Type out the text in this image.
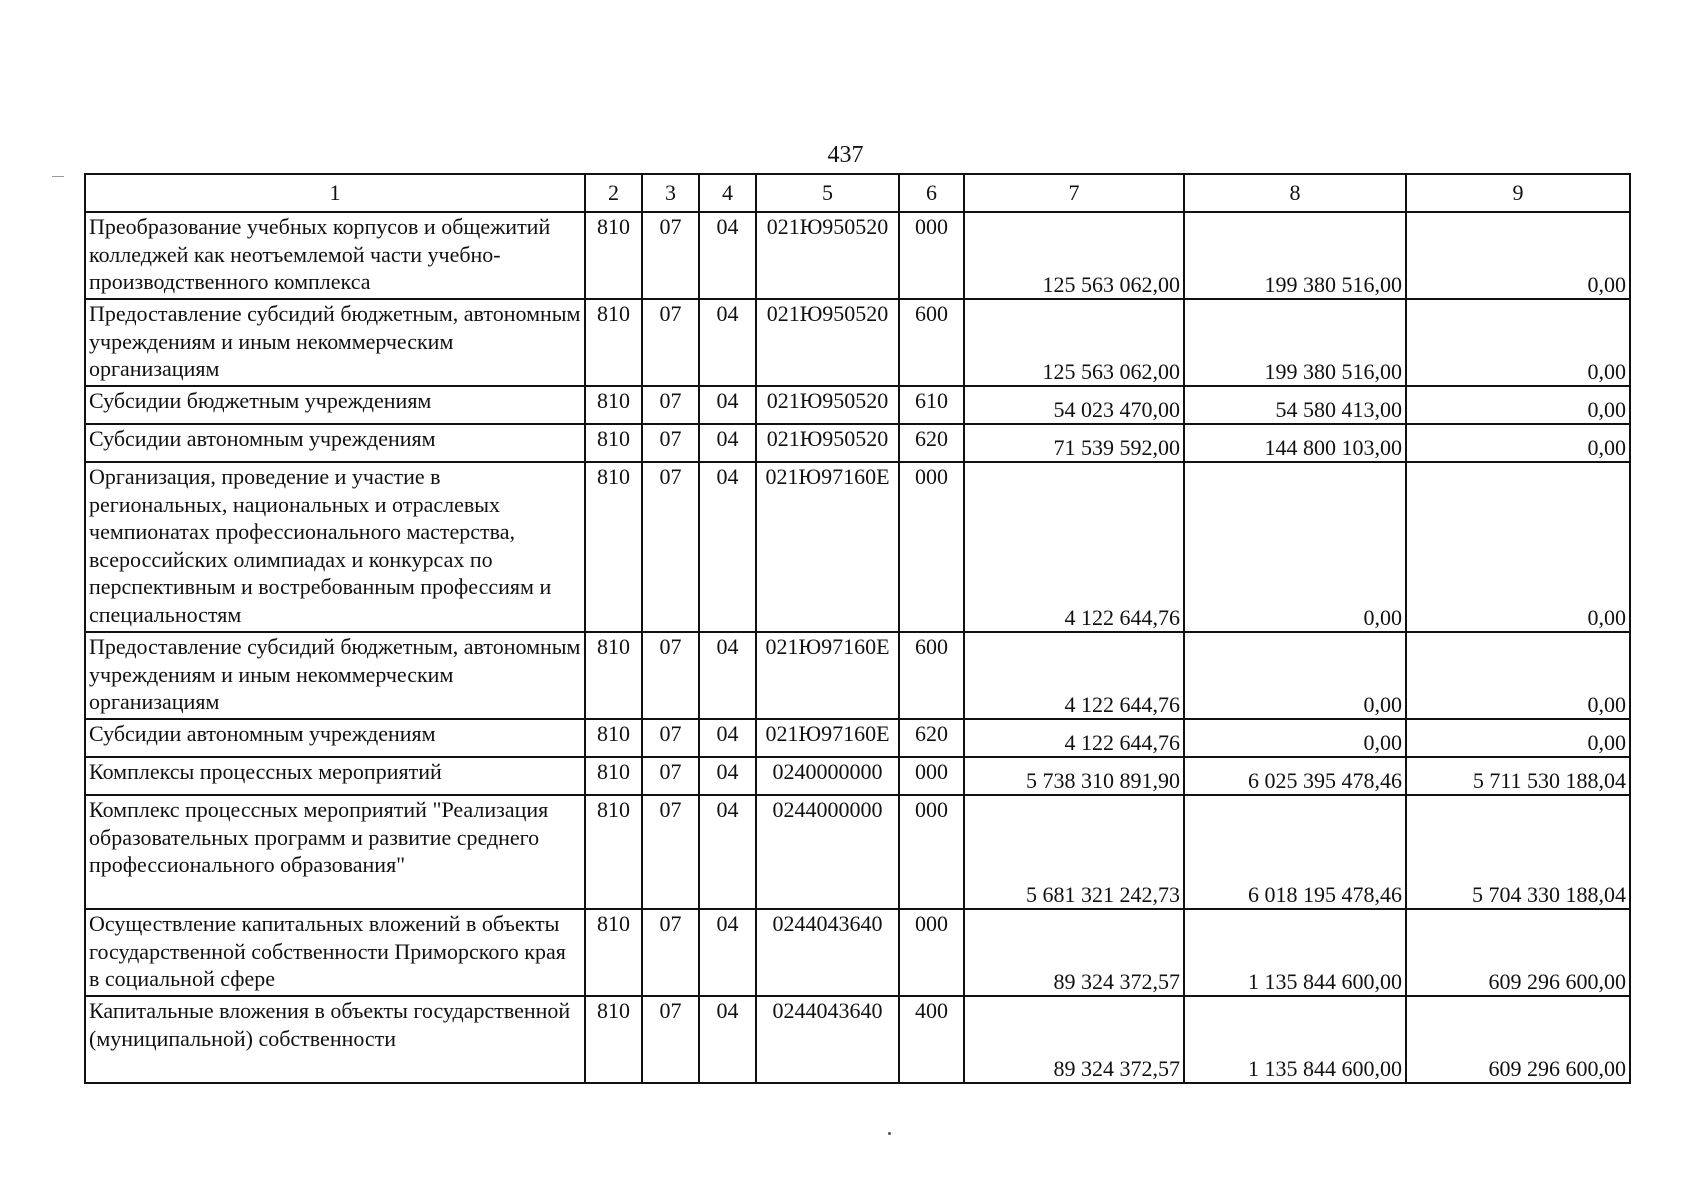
437
1	2	3	4	5	6	7	8	9
Преобразование учебных корпусов и общежитий колледжей как неотъемлемой части учебно-производственного комплекса	810	07	04	021Ю950520	000	125 563 062,00	199 380 516,00	0,00
Предоставление субсидий бюджетным, автономным учреждениям и иным некоммерческим организациям	810	07	04	021Ю950520	600	125 563 062,00	199 380 516,00	0,00
Субсидии бюджетным учреждениям	810	07	04	021Ю950520	610	54 023 470,00	54 580 413,00	0,00
Субсидии автономным учреждениям	810	07	04	021Ю950520	620	71 539 592,00	144 800 103,00	0,00
Организация, проведение и участие в региональных, национальных и отраслевых чемпионатах профессионального мастерства, всероссийских олимпиадах и конкурсах по перспективным и востребованным профессиям и специальностям	810	07	04	021Ю97160Е	000	4 122 644,76	0,00	0,00
Предоставление субсидий бюджетным, автономным учреждениям и иным некоммерческим организациям	810	07	04	021Ю97160Е	600	4 122 644,76	0,00	0,00
Субсидии автономным учреждениям	810	07	04	021Ю97160Е	620	4 122 644,76	0,00	0,00
Комплексы процессных мероприятий	810	07	04	0240000000	000	5 738 310 891,90	6 025 395 478,46	5 711 530 188,04
Комплекс процессных мероприятий "Реализация образовательных программ и развитие среднего профессионального образования"	810	07	04	0244000000	000	5 681 321 242,73	6 018 195 478,46	5 704 330 188,04
Осуществление капитальных вложений в объекты государственной собственности Приморского края в социальной сфере	810	07	04	0244043640	000	89 324 372,57	1 135 844 600,00	609 296 600,00
Капитальные вложения в объекты государственной (муниципальной) собственности	810	07	04	0244043640	400	89 324 372,57	1 135 844 600,00	609 296 600,00
